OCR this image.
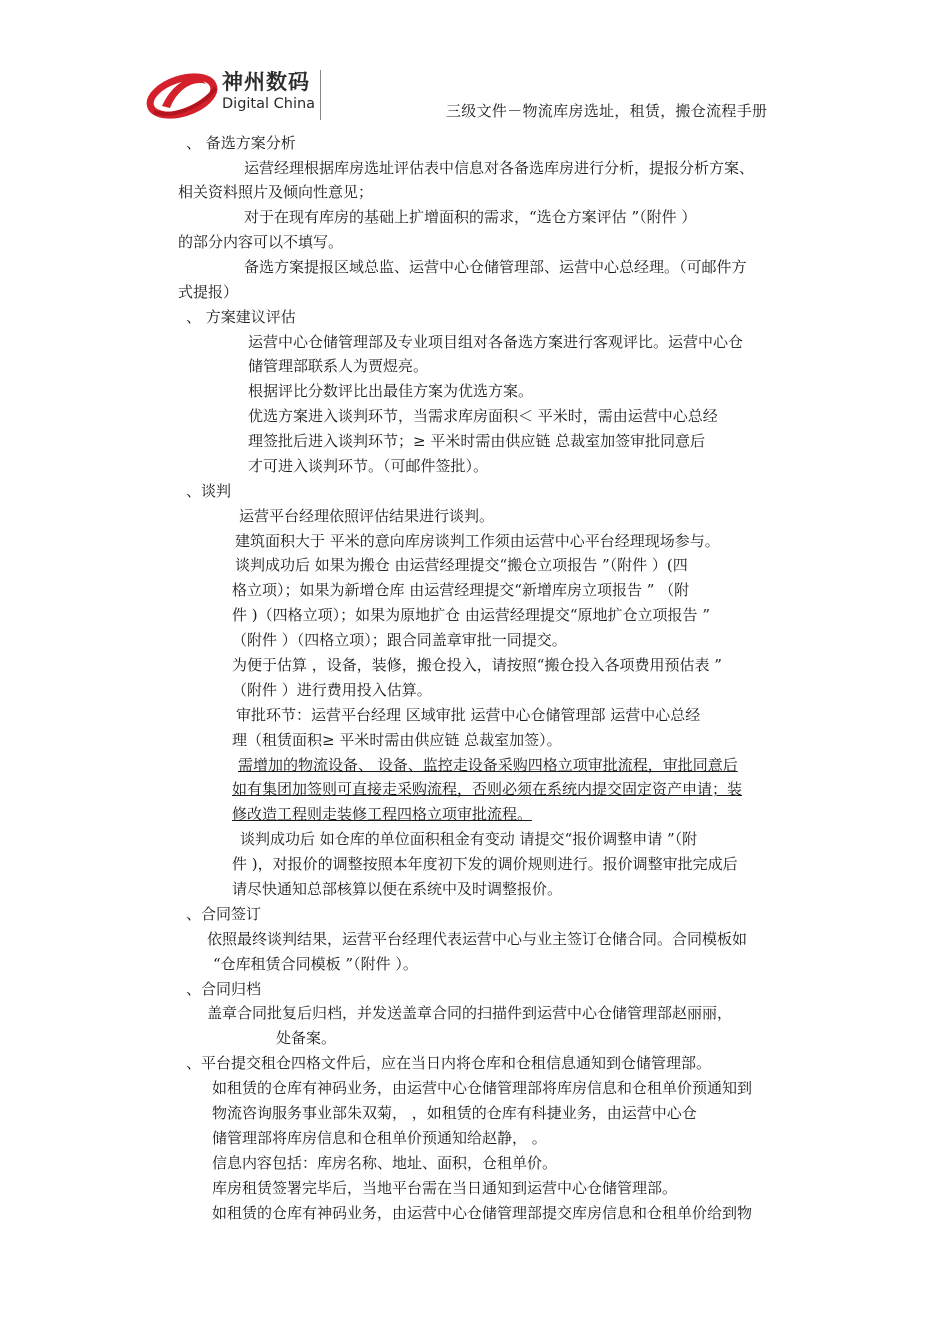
神州数码
Digital China	三级文件－物流库房选址，租赁，搬仓流程手册
、 备选方案分析
运营经理根据库房选址评估表中信息对各备选库房进行分析，提报分析方案、
相关资料照片及倾向性意见；
对于在现有库房的基础上扩增面积的需求，“选仓方案评估 ”（附件 ）
的部分内容可以不填写。
备选方案提报区域总监、运营中心仓储管理部、运营中心总经理。（可邮件方
式提报）
、 方案建议评估
运营中心仓储管理部及专业项目组对各备选方案进行客观评比。运营中心仓
储管理部联系人为贾煜亮。
根据评比分数评比出最佳方案为优选方案。
优选方案进入谈判环节，当需求库房面积＜ 平米时，需由运营中心总经
理签批后进入谈判环节；≥ 平米时需由供应链 总裁室加签审批同意后
才可进入谈判环节。（可邮件签批）。
、谈判
运营平台经理依照评估结果进行谈判。
建筑面积大于 平米的意向库房谈判工作须由运营中心平台经理现场参与。
谈判成功后 如果为搬仓 由运营经理提交“搬仓立项报告 ”（附件 ）(四
格立项）；如果为新增仓库 由运营经理提交“新增库房立项报告 ” （附
件 )（四格立项）；如果为原地扩仓 由运营经理提交“原地扩仓立项报告 ”
（附件 ）（四格立项）；跟合同盖章审批一同提交。
为便于估算 ，设备，装修，搬仓投入，请按照“搬仓投入各项费用预估表 ”
（附件 ）进行费用投入估算。
审批环节：运营平台经理 区域审批 运营中心仓储管理部 运营中心总经
理（租赁面积≥ 平米时需由供应链 总裁室加签）。
需增加的物流设备、 设备、监控走设备采购四格立项审批流程，审批同意后
如有集团加签则可直接走采购流程，否则必须在系统内提交固定资产申请；装
修改造工程则走装修工程四格立项审批流程。
谈判成功后 如仓库的单位面积租金有变动 请提交“报价调整申请 ”（附
件 )，对报价的调整按照本年度初下发的调价规则进行。报价调整审批完成后
请尽快通知总部核算以便在系统中及时调整报价。
、合同签订
依照最终谈判结果，运营平台经理代表运营中心与业主签订仓储合同。合同模板如
“仓库租赁合同模板 ”（附件 ）。
、合同归档
盖章合同批复后归档，并发送盖章合同的扫描件到运营中心仓储管理部赵丽丽，
处备案。
、平台提交租仓四格文件后，应在当日内将仓库和仓租信息通知到仓储管理部。
如租赁的仓库有神码业务，由运营中心仓储管理部将库房信息和仓租单价预通知到
物流咨询服务事业部朱双菊， ，如租赁的仓库有科捷业务，由运营中心仓
储管理部将库房信息和仓租单价预通知给赵静， 。
信息内容包括：库房名称、地址、面积，仓租单价。
库房租赁签署完毕后，当地平台需在当日通知到运营中心仓储管理部。
如租赁的仓库有神码业务，由运营中心仓储管理部提交库房信息和仓租单价给到物
